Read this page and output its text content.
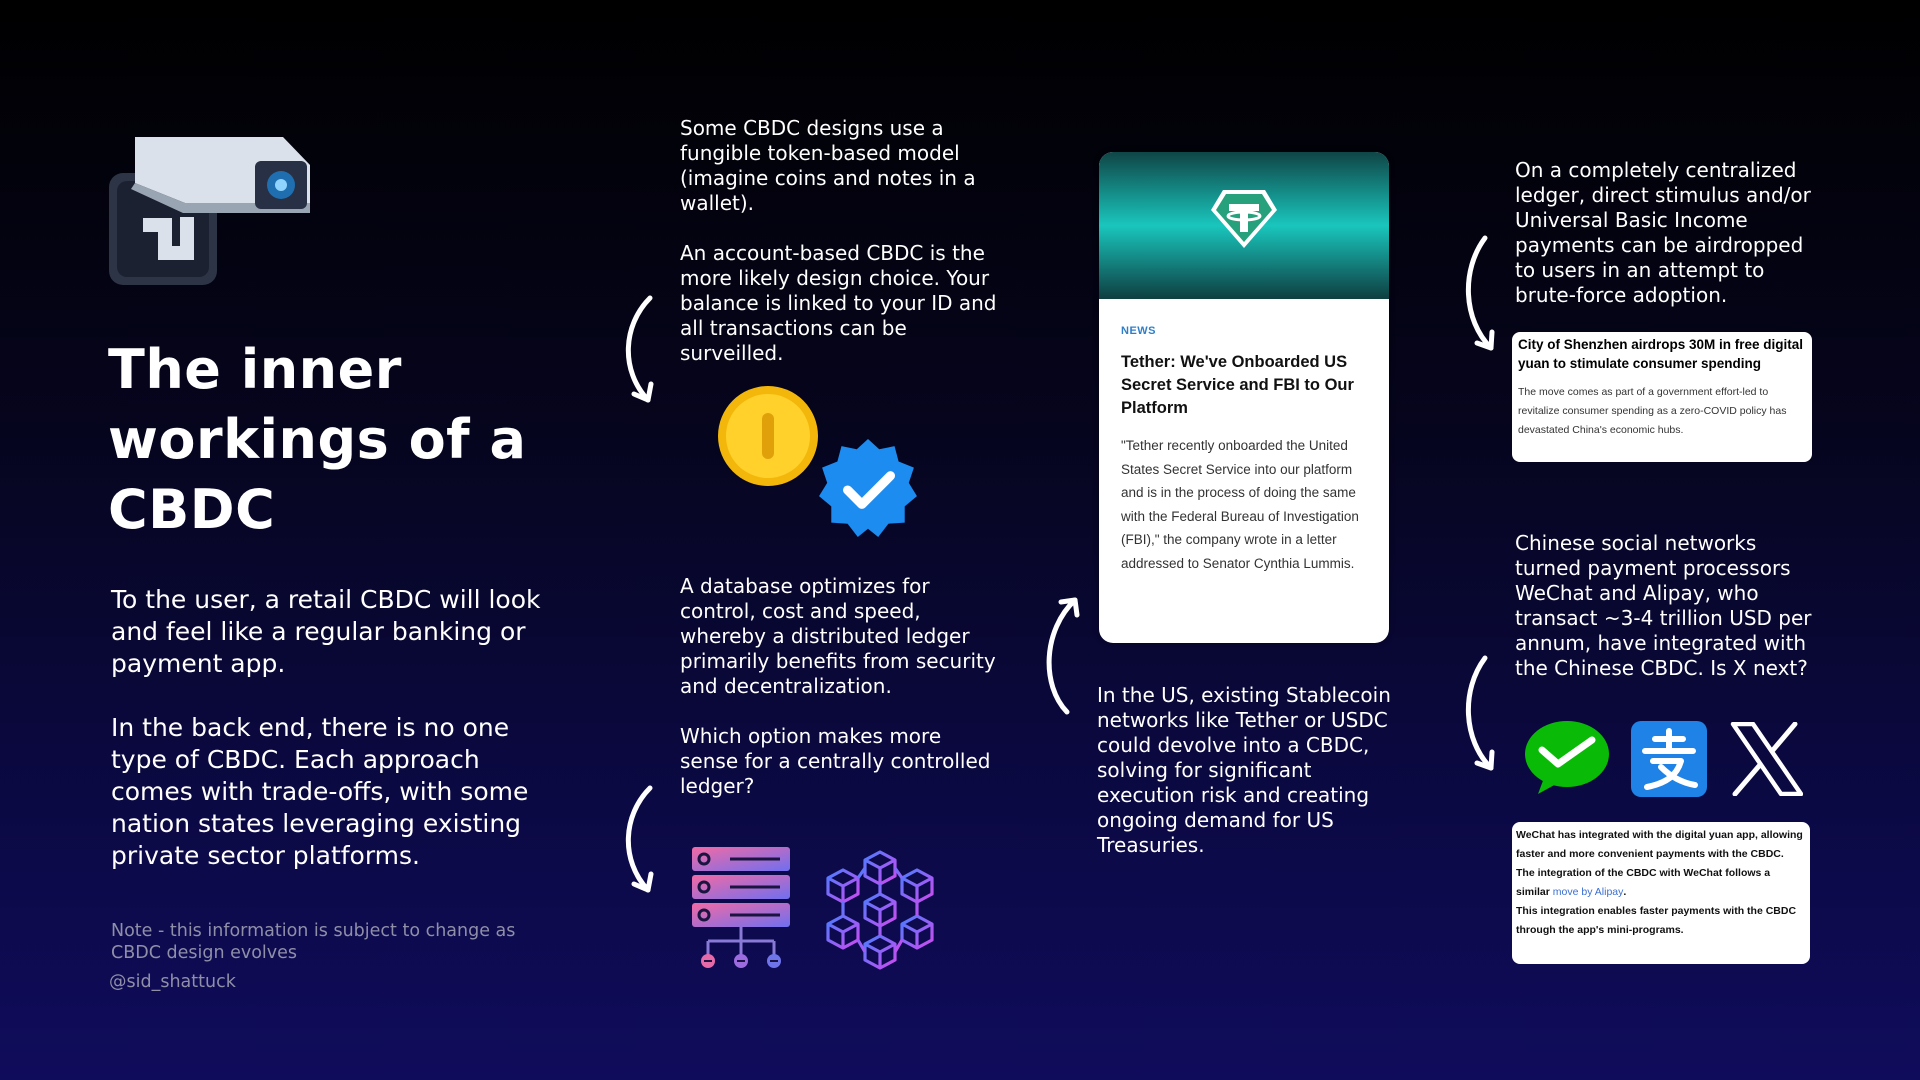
The inner workings of a CBDC

To the user, a retail CBDC will look and feel like a regular banking or payment app.

In the back end, there is no one type of CBDC. Each approach comes with trade-offs, with some nation states leveraging existing private sector platforms.

Note - this information is subject to change as CBDC design evolves
@sid_shattuck

Some CBDC designs use a fungible token-based model (imagine coins and notes in a wallet).

An account-based CBDC is the more likely design choice. Your balance is linked to your ID and all transactions can be surveilled.

A database optimizes for control, cost and speed, whereby a distributed ledger primarily benefits from security and decentralization.

Which option makes more sense for a centrally controlled ledger?

NEWS
Tether: We've Onboarded US Secret Service and FBI to Our Platform
"Tether recently onboarded the United States Secret Service into our platform and is in the process of doing the same with the Federal Bureau of Investigation (FBI)," the company wrote in a letter addressed to Senator Cynthia Lummis.
In the US, existing Stablecoin networks like Tether or USDC could devolve into a CBDC, solving for significant execution risk and creating ongoing demand for US Treasuries.
On a completely centralized ledger, direct stimulus and/or Universal Basic Income payments can be airdropped to users in an attempt to brute-force adoption.
City of Shenzhen airdrops 30M in free digital yuan to stimulate consumer spending
The move comes as part of a government effort-led to revitalize consumer spending as a zero-COVID policy has devastated China's economic hubs.
Chinese social networks turned payment processors WeChat and Alipay, who transact ~3-4 trillion USD per annum, have integrated with the Chinese CBDC. Is X next?
WeChat has integrated with the digital yuan app, allowing faster and more convenient payments with the CBDC.
The integration of the CBDC with WeChat follows a similar move by Alipay.
This integration enables faster payments with the CBDC through the app's mini-programs.
